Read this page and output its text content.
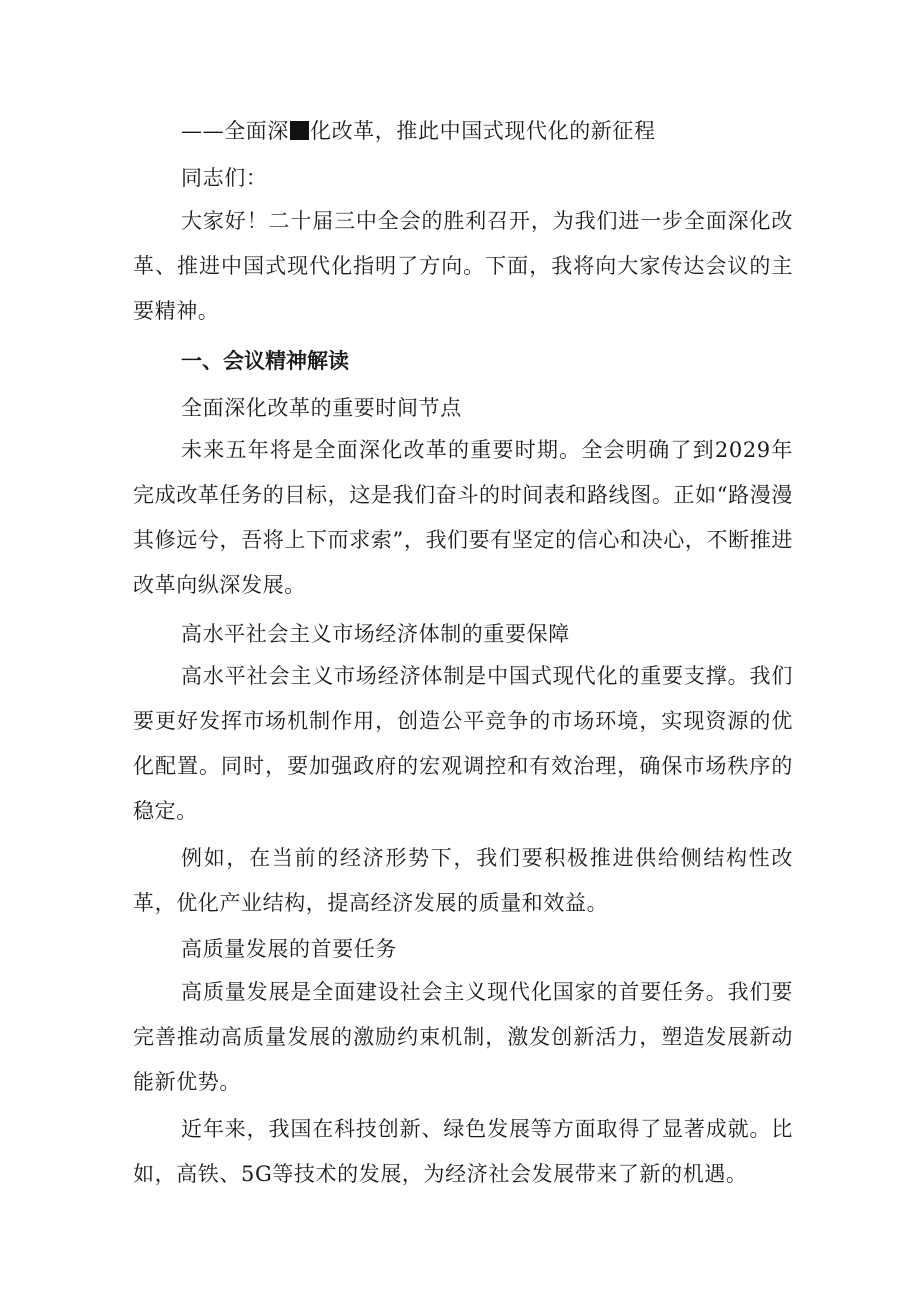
——全面深 化改革，推此中国式现代化的新征程
同志们：
大家好！二十届三中全会的胜利召开，为我们进一步全面深化改革、推进中国式现代化指明了方向。下面，我将向大家传达会议的主要精神。
一、会议精神解读
全面深化改革的重要时间节点
未来五年将是全面深化改革的重要时期。全会明确了到2029年完成改革任务的目标，这是我们奋斗的时间表和路线图。正如“路漫漫其修远兮，吾将上下而求索”，我们要有坚定的信心和决心，不断推进改革向纵深发展。
高水平社会主义市场经济体制的重要保障
高水平社会主义市场经济体制是中国式现代化的重要支撑。我们要更好发挥市场机制作用，创造公平竞争的市场环境，实现资源的优化配置。同时，要加强政府的宏观调控和有效治理，确保市场秩序的稳定。
例如，在当前的经济形势下，我们要积极推进供给侧结构性改革，优化产业结构，提高经济发展的质量和效益。
高质量发展的首要任务
高质量发展是全面建设社会主义现代化国家的首要任务。我们要完善推动高质量发展的激励约束机制，激发创新活力，塑造发展新动能新优势。
近年来，我国在科技创新、绿色发展等方面取得了显著成就。比如，高铁、5G等技术的发展，为经济社会发展带来了新的机遇。
